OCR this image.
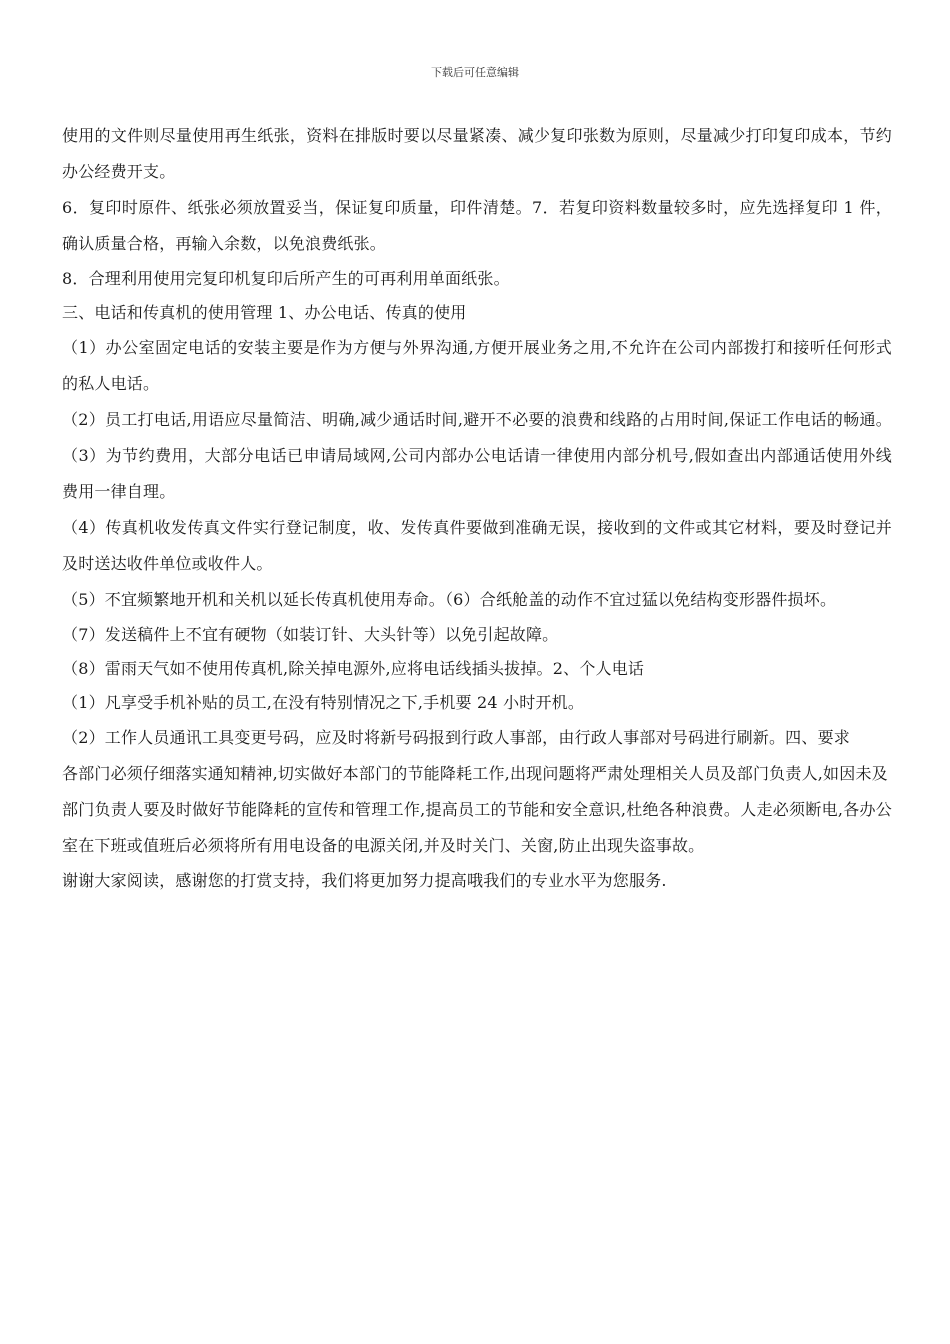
下载后可任意编辑

使用的文件则尽量使用再生纸张，资料在排版时要以尽量紧凑、减少复印张数为原则，尽量减少打印复印成本，节约办公经费开支。

6．复印时原件、纸张必须放置妥当，保证复印质量，印件清楚。7．若复印资料数量较多时，应先选择复印 1 件，确认质量合格，再输入余数，以免浪费纸张。

8．合理利用使用完复印机复印后所产生的可再利用单面纸张。

三、电话和传真机的使用管理 1、办公电话、传真的使用

（1）办公室固定电话的安装主要是作为方便与外界沟通,方便开展业务之用,不允许在公司内部拨打和接听任何形式的私人电话。

（2）员工打电话,用语应尽量简洁、明确,减少通话时间,避开不必要的浪费和线路的占用时间,保证工作电话的畅通。（3）为节约费用，大部分电话已申请局域网,公司内部办公电话请一律使用内部分机号,假如查出内部通话使用外线费用一律自理。

（4）传真机收发传真文件实行登记制度，收、发传真件要做到准确无误，接收到的文件或其它材料，要及时登记并及时送达收件单位或收件人。

（5）不宜频繁地开机和关机以延长传真机使用寿命。（6）合纸舱盖的动作不宜过猛以免结构变形器件损坏。

（7）发送稿件上不宜有硬物（如装订针、大头针等）以免引起故障。

（8）雷雨天气如不使用传真机,除关掉电源外,应将电话线插头拔掉。2、个人电话

（1）凡享受手机补贴的员工,在没有特别情况之下,手机要 24 小时开机。

（2）工作人员通讯工具变更号码，应及时将新号码报到行政人事部，由行政人事部对号码进行刷新。四、要求

各部门必须仔细落实通知精神,切实做好本部门的节能降耗工作,出现问题将严肃处理相关人员及部门负责人,如因未及

部门负责人要及时做好节能降耗的宣传和管理工作,提高员工的节能和安全意识,杜绝各种浪费。人走必须断电,各办公室在下班或值班后必须将所有用电设备的电源关闭,并及时关门、关窗,防止出现失盗事故。

谢谢大家阅读，感谢您的打赏支持，我们将更加努力提高哦我们的专业水平为您服务.
